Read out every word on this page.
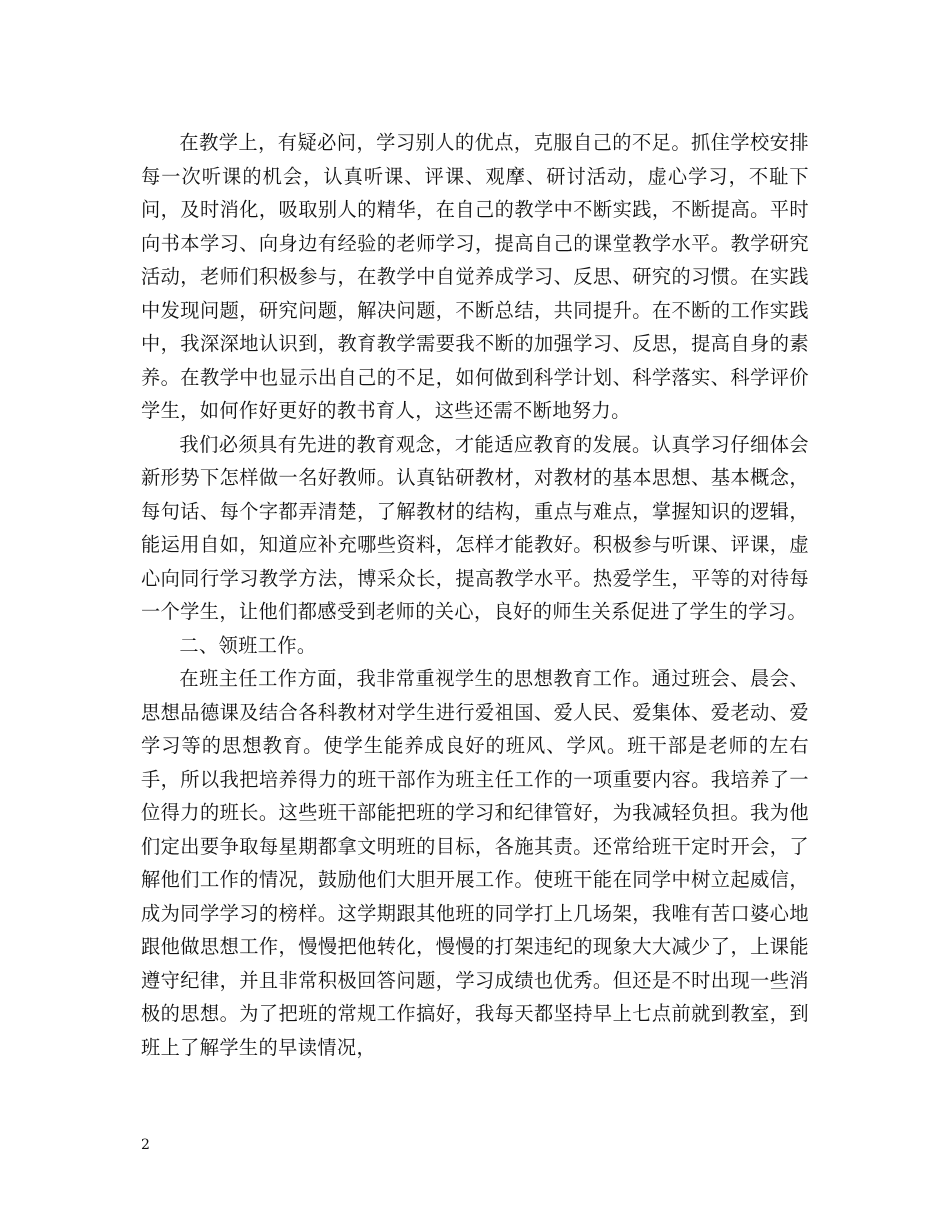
在教学上，有疑必问，学习别人的优点，克服自己的不足。抓住学校安排每一次听课的机会，认真听课、评课、观摩、研讨活动，虚心学习，不耻下问，及时消化，吸取别人的精华，在自己的教学中不断实践，不断提高。平时向书本学习、向身边有经验的老师学习，提高自己的课堂教学水平。教学研究活动，老师们积极参与，在教学中自觉养成学习、反思、研究的习惯。在实践中发现问题，研究问题，解决问题，不断总结，共同提升。在不断的工作实践中，我深深地认识到，教育教学需要我不断的加强学习、反思，提高自身的素养。在教学中也显示出自己的不足，如何做到科学计划、科学落实、科学评价学生，如何作好更好的教书育人，这些还需不断地努力。

我们必须具有先进的教育观念，才能适应教育的发展。认真学习仔细体会新形势下怎样做一名好教师。认真钻研教材，对教材的基本思想、基本概念，每句话、每个字都弄清楚，了解教材的结构，重点与难点，掌握知识的逻辑，能运用自如，知道应补充哪些资料，怎样才能教好。积极参与听课、评课，虚心向同行学习教学方法，博采众长，提高教学水平。热爱学生，平等的对待每一个学生，让他们都感受到老师的关心，良好的师生关系促进了学生的学习。

二、领班工作。

在班主任工作方面，我非常重视学生的思想教育工作。通过班会、晨会、思想品德课及结合各科教材对学生进行爱祖国、爱人民、爱集体、爱老动、爱学习等的思想教育。使学生能养成良好的班风、学风。班干部是老师的左右手，所以我把培养得力的班干部作为班主任工作的一项重要内容。我培养了一位得力的班长。这些班干部能把班的学习和纪律管好，为我减轻负担。我为他们定出要争取每星期都拿文明班的目标，各施其责。还常给班干定时开会，了解他们工作的情况，鼓励他们大胆开展工作。使班干能在同学中树立起威信，成为同学学习的榜样。这学期跟其他班的同学打上几场架，我唯有苦口婆心地跟他做思想工作，慢慢把他转化，慢慢的打架违纪的现象大大减少了，上课能遵守纪律，并且非常积极回答问题，学习成绩也优秀。但还是不时出现一些消极的思想。为了把班的常规工作搞好，我每天都坚持早上七点前就到教室，到班上了解学生的早读情况，

2
